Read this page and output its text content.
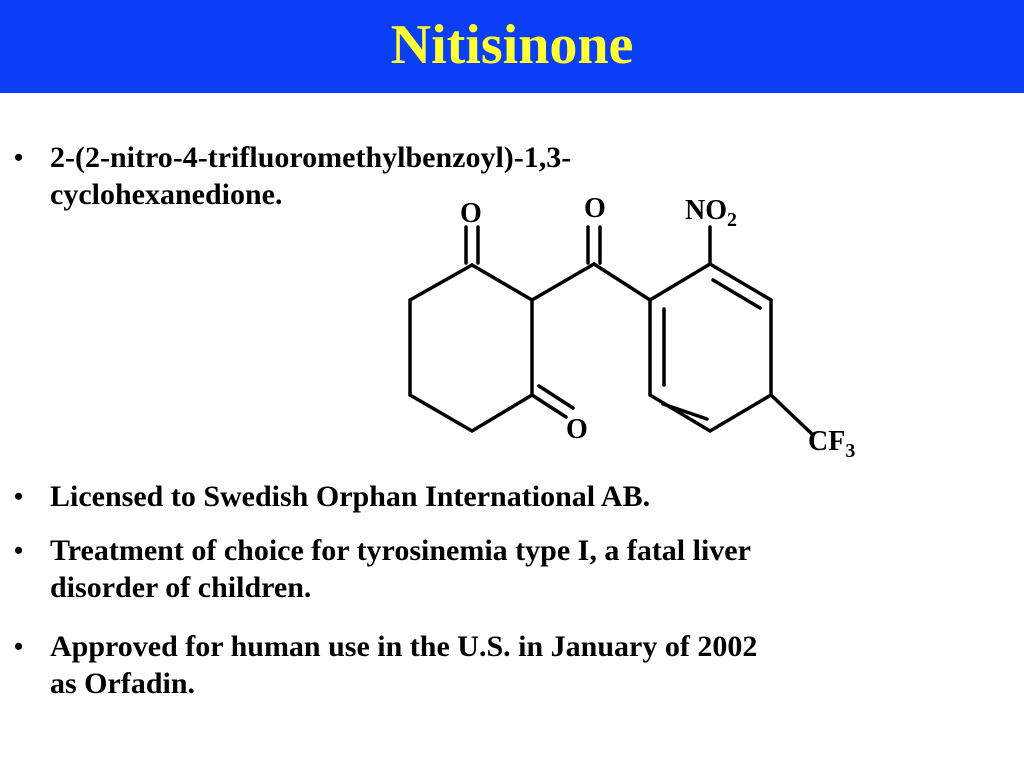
Nitisinone
• 2-(2-nitro-4-trifluoromethylbenzoyl)-1,3-
cyclohexanedione.
O	O
O
$NO_2$
$CF_3$
• Licensed to Swedish Orphan International AB.
• Treatment of choice for tyrosinemia type I, a fatal liver
disorder of children.
• Approved for human use in the U.S. in January of 2002
as Orfadin.
